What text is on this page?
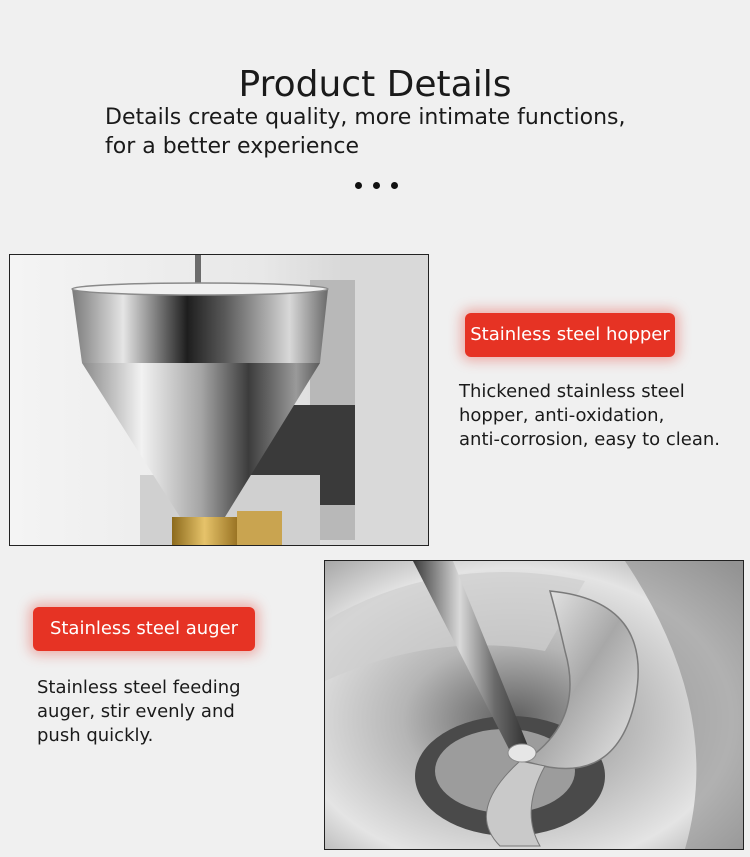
Product Details
Details create quality, more intimate functions,
for a better experience
Stainless steel hopper
Thickened stainless steel
hopper, anti-oxidation,
anti-corrosion, easy to clean.
Stainless steel auger
Stainless steel feeding
auger, stir evenly and
push quickly.
